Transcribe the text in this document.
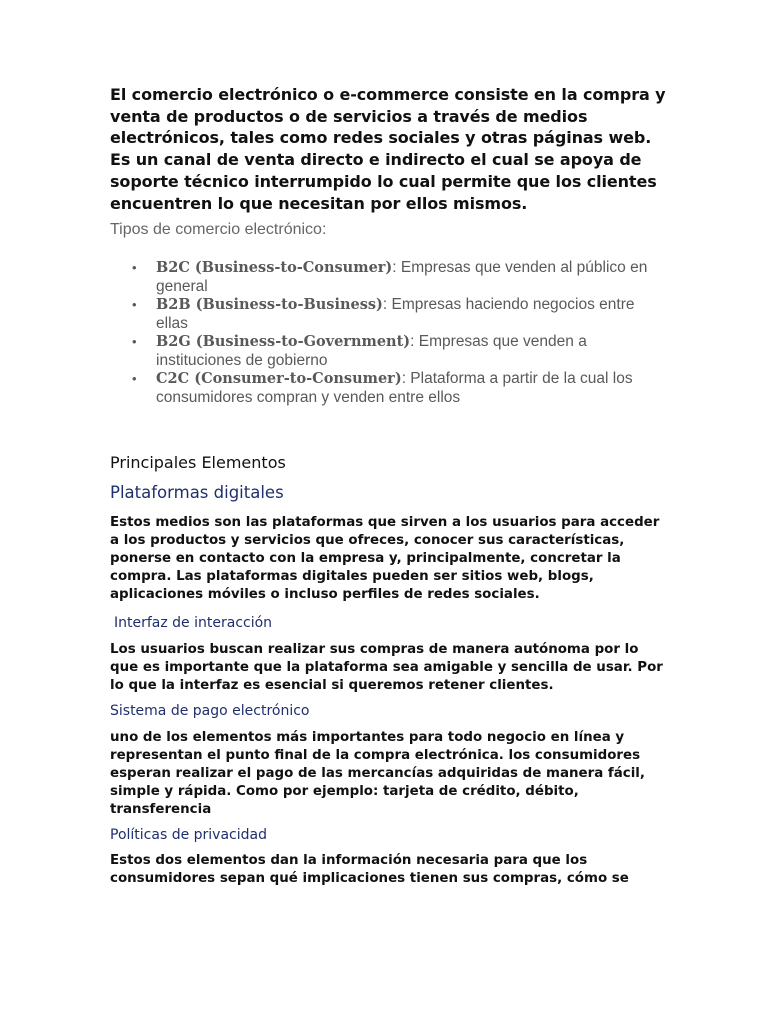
El comercio electrónico o e-commerce consiste en la compra y venta de productos o de servicios a través de medios electrónicos, tales como redes sociales y otras páginas web. Es un canal de venta directo e indirecto el cual se apoya de soporte técnico interrumpido lo cual permite que los clientes encuentren lo que necesitan por ellos mismos.

Tipos de comercio electrónico:

• B2C (Business-to-Consumer): Empresas que venden al público en general
• B2B (Business-to-Business): Empresas haciendo negocios entre ellas
• B2G (Business-to-Government): Empresas que venden a instituciones de gobierno
• C2C (Consumer-to-Consumer): Plataforma a partir de la cual los consumidores compran y venden entre ellos

Principales Elementos

Plataformas digitales

Estos medios son las plataformas que sirven a los usuarios para acceder a los productos y servicios que ofreces, conocer sus características, ponerse en contacto con la empresa y, principalmente, concretar la compra. Las plataformas digitales pueden ser sitios web, blogs, aplicaciones móviles o incluso perfiles de redes sociales.

Interfaz de interacción

Los usuarios buscan realizar sus compras de manera autónoma por lo que es importante que la plataforma sea amigable y sencilla de usar. Por lo que la interfaz es esencial si queremos retener clientes.

Sistema de pago electrónico

uno de los elementos más importantes para todo negocio en línea y representan el punto final de la compra electrónica. los consumidores esperan realizar el pago de las mercancías adquiridas de manera fácil, simple y rápida. Como por ejemplo: tarjeta de crédito, débito, transferencia

Políticas de privacidad

Estos dos elementos dan la información necesaria para que los consumidores sepan qué implicaciones tienen sus compras, cómo se
